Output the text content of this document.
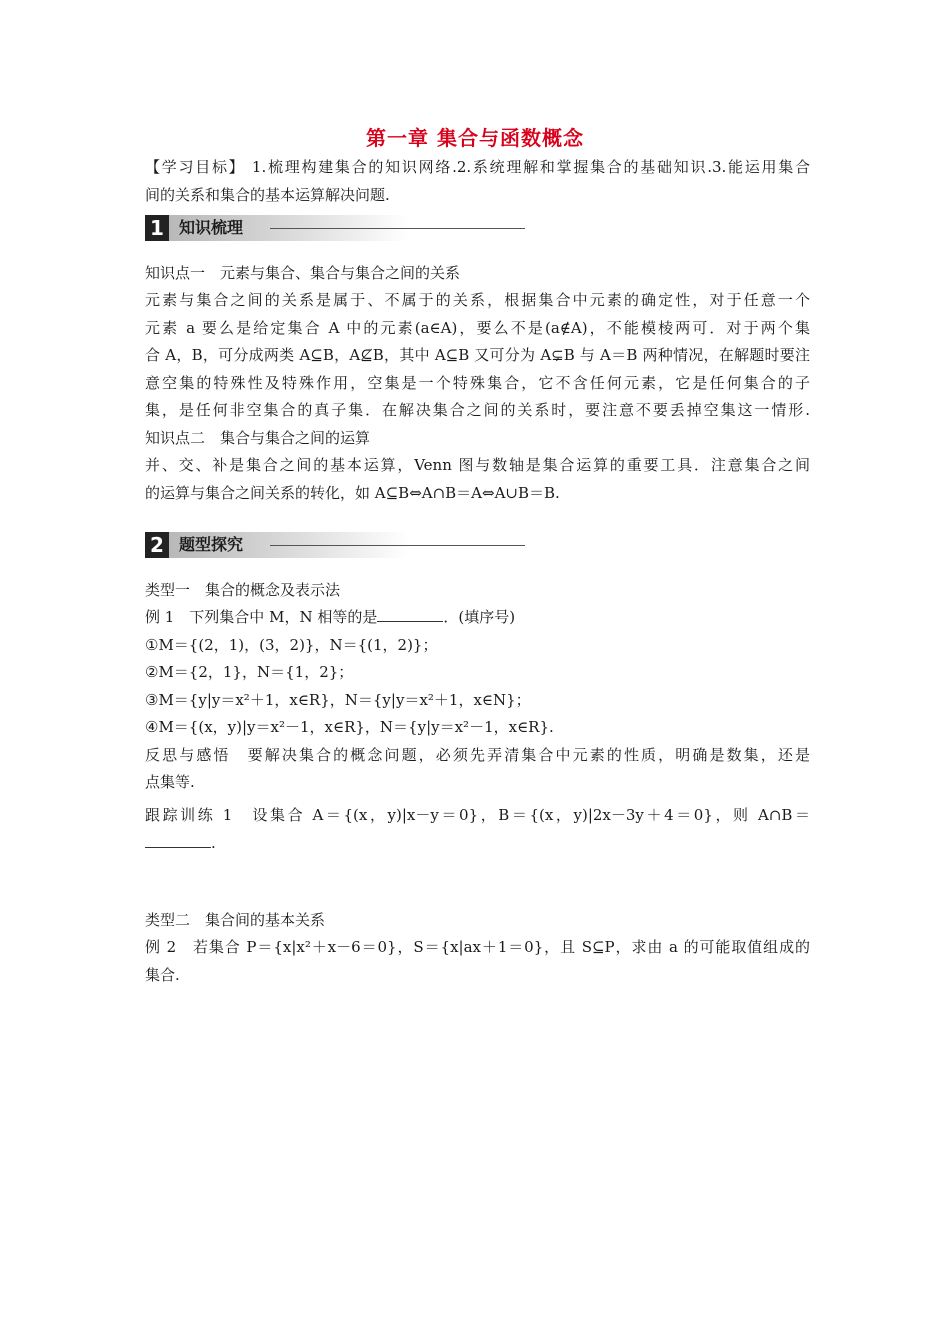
第一章 集合与函数概念
【学习目标】 1.梳理构建集合的知识网络.2.系统理解和掌握集合的基础知识.3.能运用集合
间的关系和集合的基本运算解决问题.
1 知识梳理
知识点一　元素与集合、集合与集合之间的关系
元素与集合之间的关系是属于、不属于的关系，根据集合中元素的确定性，对于任意一个
元素 a 要么是给定集合 A 中的元素(a∈A)，要么不是(a∉A)，不能模棱两可．对于两个集
合 A，B，可分成两类 A⊆B，A⊈B，其中 A⊆B 又可分为 A⊊B 与 A＝B 两种情况，在解题时要注
意空集的特殊性及特殊作用，空集是一个特殊集合，它不含任何元素，它是任何集合的子
集，是任何非空集合的真子集．在解决集合之间的关系时，要注意不要丢掉空集这一情形.
知识点二　集合与集合之间的运算
并、交、补是集合之间的基本运算，Venn 图与数轴是集合运算的重要工具．注意集合之间
的运算与集合之间关系的转化，如 A⊆B⇔A∩B＝A⇔A∪B＝B.
2 题型探究
类型一　集合的概念及表示法
例 1　下列集合中 M，N 相等的是	．(填序号)
①M＝{(2，1)，(3，2)}，N＝{(1，2)}；
②M＝{2，1}，N＝{1，2}；
③M＝{y|y＝x²＋1，x∈R}，N＝{y|y＝x²＋1，x∈N}；
④M＝{(x，y)|y＝x²－1，x∈R}，N＝{y|y＝x²－1，x∈R}.
反思与感悟　要解决集合的概念问题，必须先弄清集合中元素的性质，明确是数集，还是
点集等.
跟踪训练 1　设集合 A＝{(x，y)|x－y＝0}，B＝{(x，y)|2x－3y＋4＝0}，则 A∩B＝
.
类型二　集合间的基本关系
例 2　若集合 P＝{x|x²＋x－6＝0}，S＝{x|ax＋1＝0}，且 S⊆P，求由 a 的可能取值组成的
集合.
